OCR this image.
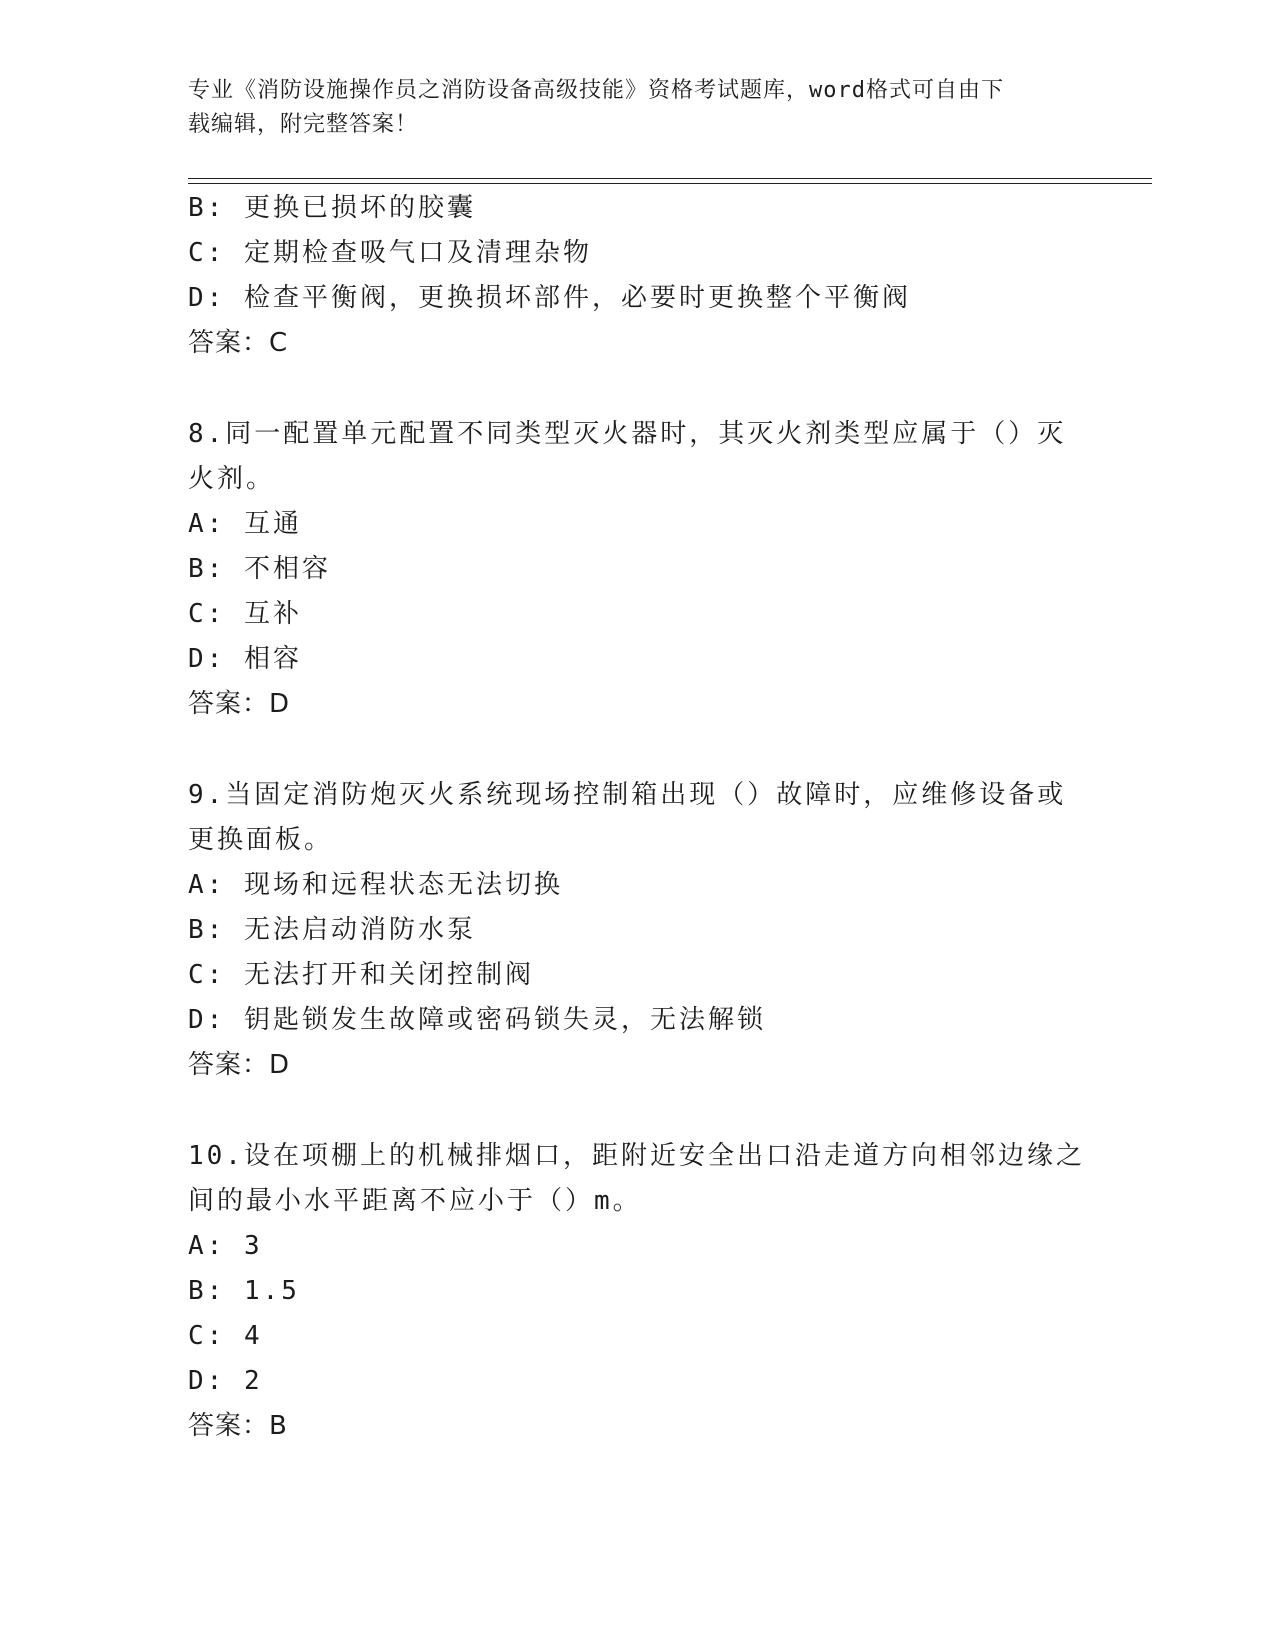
专业《消防设施操作员之消防设备高级技能》资格考试题库，word格式可自由下
载编辑，附完整答案！
B: 更换已损坏的胶囊
C: 定期检查吸气口及清理杂物
D: 检查平衡阀，更换损坏部件，必要时更换整个平衡阀
答案：C
8.同一配置单元配置不同类型灭火器时，其灭火剂类型应属于（）灭
火剂。
A: 互通
B: 不相容
C: 互补
D: 相容
答案：D
9.当固定消防炮灭火系统现场控制箱出现（）故障时，应维修设备或
更换面板。
A: 现场和远程状态无法切换
B: 无法启动消防水泵
C: 无法打开和关闭控制阀
D: 钥匙锁发生故障或密码锁失灵，无法解锁
答案：D
10.设在项棚上的机械排烟口，距附近安全出口沿走道方向相邻边缘之
间的最小水平距离不应小于（）m。
A: 3
B: 1.5
C: 4
D: 2
答案：B
